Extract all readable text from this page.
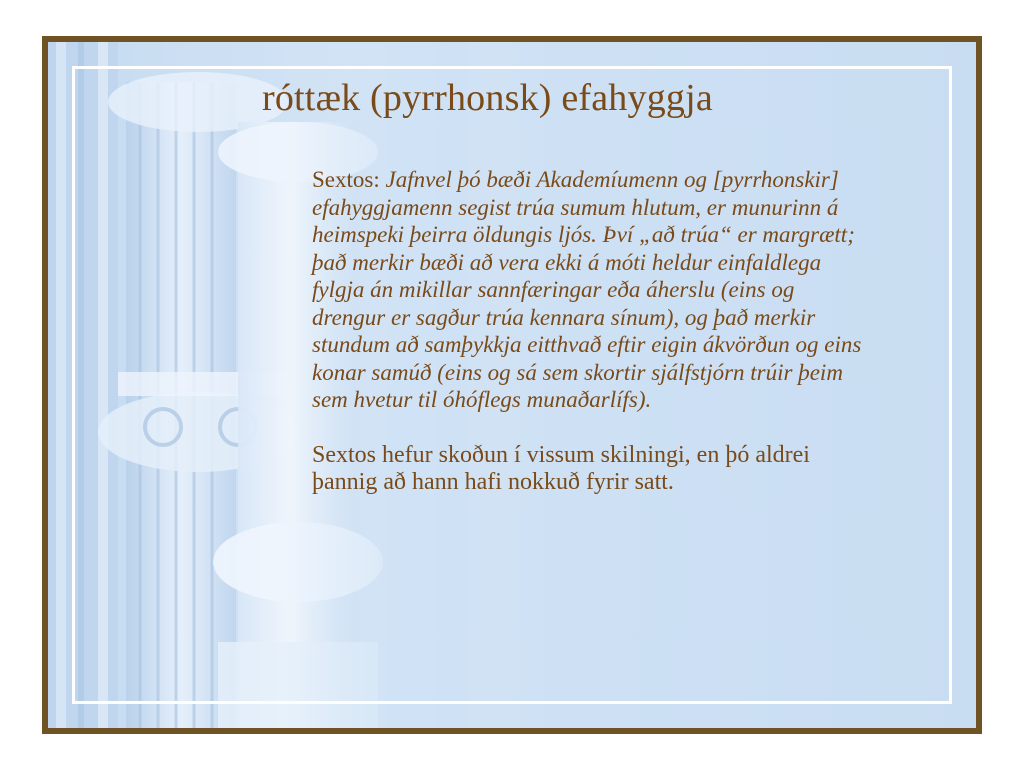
róttæk (pyrrhonsk) efahyggja
Sextos: Jafnvel þó bæði Akademíumenn og [pyrrhonskir] efahyggjamenn segist trúa sumum hlutum, er munurinn á heimspeki þeirra öldungis ljós. Því „að trúa“ er margrætt; það merkir bæði að vera ekki á móti heldur einfaldlega fylgja án mikillar sannfæringar eða áherslu (eins og drengur er sagður trúa kennara sínum), og það merkir stundum að samþykkja eitthvað eftir eigin ákvörðun og eins konar samúð (eins og sá sem skortir sjálfstjórn trúir þeim sem hvetur til óhóflegs munaðarlífs).
Sextos hefur skoðun í vissum skilningi, en þó aldrei þannig að hann hafi nokkuð fyrir satt.
